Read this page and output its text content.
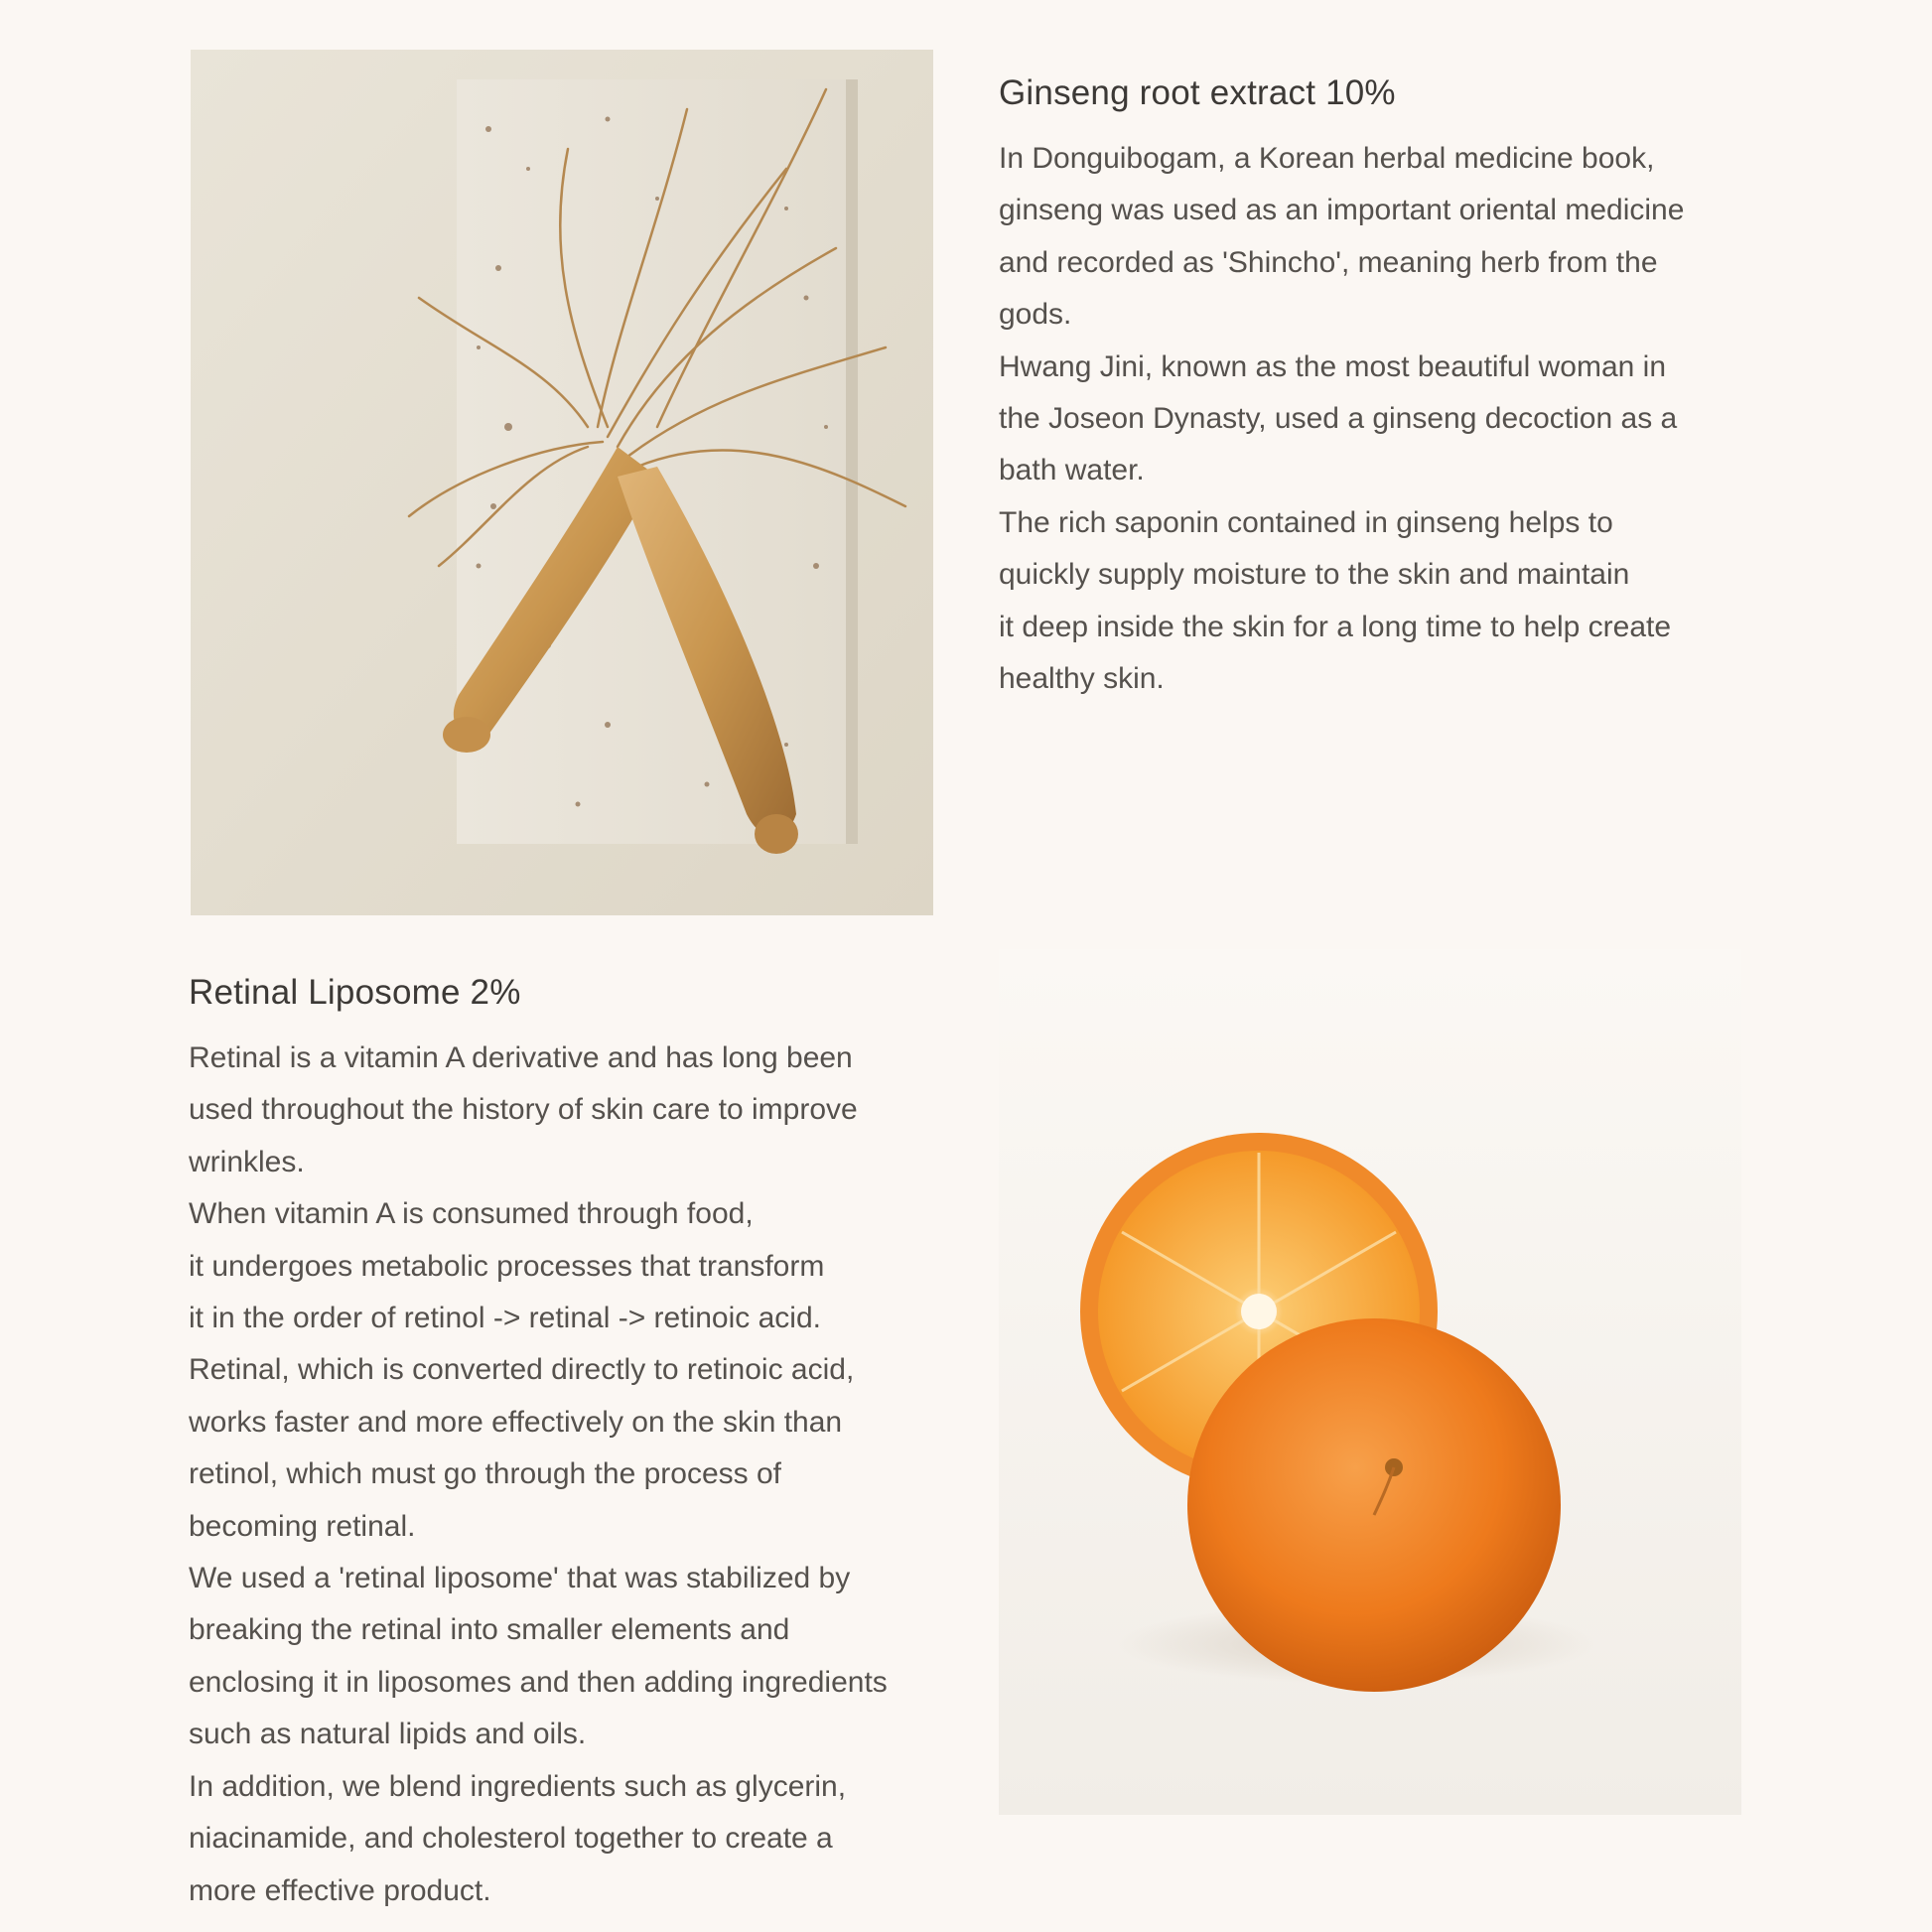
Ginseng root extract 10%

In Donguibogam, a Korean herbal medicine book,

ginseng was used as an important oriental medicine

and recorded as 'Shincho', meaning herb from the

gods.

Hwang Jini, known as the most beautiful woman in

the Joseon Dynasty, used a ginseng decoction as a

bath water.

The rich saponin contained in ginseng helps to

quickly supply moisture to the skin and maintain

it deep inside the skin for a long time to help create

healthy skin.

Retinal Liposome 2%

Retinal is a vitamin A derivative and has long been

used throughout the history of skin care to improve

wrinkles.

When vitamin A is consumed through food,

it undergoes metabolic processes that transform

it in the order of retinol -> retinal -> retinoic acid.

Retinal, which is converted directly to retinoic acid,

works faster and more effectively on the skin than

retinol, which must go through the process of

becoming retinal.

We used a 'retinal liposome' that was stabilized by

breaking the retinal into smaller elements and

enclosing it in liposomes and then adding ingredients

such as natural lipids and oils.

In addition, we blend ingredients such as glycerin,

niacinamide, and cholesterol together to create a

more effective product.
